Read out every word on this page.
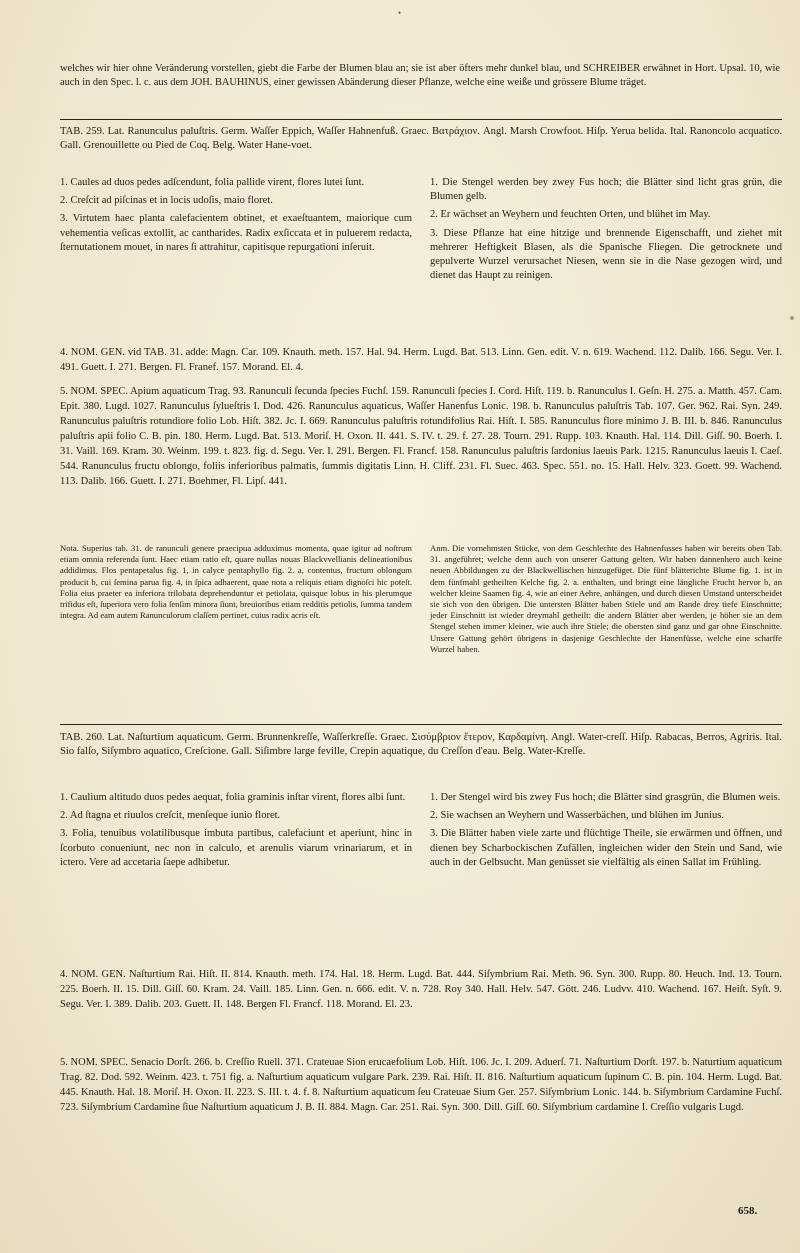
•
welches wir hier ohne Veränderung vorstellen, giebt die Farbe der Blumen blau an; sie ist aber öfters mehr dunkel blau, und SCHREIBER erwähnet in Hort. Upsal. 10, wie auch in den Spec. l. c. aus dem JOH. BAUHINUS, einer gewissen Abänderung dieser Pflanze, welche eine weiße und grössere Blume träget.
TAB. 259. Lat. Ranunculus paluſtris. Germ. Waſſer Eppich, Waſſer Hahnenfuß. Graec. Βατράχιον. Angl. Marsh Crowfoot. Hiſp. Yerua belida. Ital. Ranoncolo acquatico. Gall. Grenouillette ou Pied de Coq. Belg. Water Hane-voet.
1. Caules ad duos pedes adſcendunt, folia pallide virent, flores lutei ſunt.
2. Creſcit ad piſcinas et in locis udoſis, maio floret.
3. Virtutem haec planta calefacientem obtinet, et exaeſtuantem, maiorique cum vehementia veſicas extollit, ac cantharides. Radix exſiccata et in puluerem redacta, ſternutationem mouet, in nares ſi attrahitur, capitisque repurgationi inſeruit.
1. Die Stengel werden bey zwey Fus hoch; die Blätter sind licht gras grün, die Blumen gelb.
2. Er wächset an Weyhern und feuchten Orten, und blühet im May.
3. Diese Pflanze hat eine hitzige und brennende Eigenschafft, und ziehet mit mehrerer Heftigkeit Blasen, als die Spanische Fliegen. Die getrocknete und gepulverte Wurzel verursachet Niesen, wenn sie in die Nase gezogen wird, und dienet das Haupt zu reinigen.
4. NOM. GEN. vid TAB. 31. adde: Magn. Car. 109. Knauth. meth. 157. Hal. 94. Herm. Lugd. Bat. 513. Linn. Gen. edit. V. n. 619. Wachend. 112. Dalib. 166. Segu. Ver. I. 491. Guett. I. 271. Bergen. Fl. Franef. 157. Morand. El. 4.
5. NOM. SPEC. Apium aquaticum Trag. 93. Ranunculi ſecunda ſpecies Fuchſ. 159. Ranunculi ſpecies I. Cord. Hiſt. 119. b. Ranunculus I. Geſn. H. 275. a. Matth. 457. Cam. Epit. 380. Lugd. 1027. Ranunculus ſylueſtris I. Dod. 426. Ranunculus aquaticus, Waſſer Hanenfus Lonic. 198. b. Ranunculus paluſtris Tab. 107. Ger. 962. Rai. Syn. 249. Ranunculus paluſtris rotundiore folio Lob. Hiſt. 382. Jc. I. 669. Ranunculus paluſtris rotundifolius Rai. Hiſt. I. 585. Ranunculus flore minimo J. B. III. b. 846. Ranunculus paluſtris apii folio C. B. pin. 180. Herm. Lugd. Bat. 513. Moriſ. H. Oxon. II. 441. S. IV. t. 29. f. 27. 28. Tourn. 291. Rupp. 103. Knauth. Hal. 114. Dill. Giſſ. 90. Boerh. I. 31. Vaill. 169. Kram. 30. Weinm. 199. t. 823. fig. d. Segu. Ver. I. 291. Bergen. Fl. Francf. 158. Ranunculus paluſtris ſardonius laeuis Park. 1215. Ranunculus laeuis I. Caeſ. 544. Ranunculus fructu oblongo, foliis inferioribus palmatis, ſummis digitatis Linn. H. Cliff. 231. Fl. Suec. 463. Spec. 551. no. 15. Hall. Helv. 323. Goett. 99. Wachend. 113. Dalib. 166. Guett. I. 271. Boehmer, Fl. Lipſ. 441.
Nota. Superius tab. 31. de ranunculi genere praecipua adduximus momenta, quae igitur ad noſtrum etiam omnia referenda ſunt. Haec etiam ratio eſt, quare nullas nouas Blackvvellianis delineationibus addidimus. Flos pentapetalus fig. 1, in calyce pentaphyllo fig. 2. a, contentus, fructum oblongum producit b, cui ſemina parua fig. 4, in ſpica adhaerent, quae nota a reliquis etiam dignoſci hic poteſt. Folia eius praeter ea inferiora trilobata deprehenduntur et petiolata, quisque lobus in his plerumque trifidus eſt, ſuperiora vero folia ſenſim minora ſiunt, breuioribus etiam redditis petiolis, ſumma tandem integra. Ad eam autem Ranunculorum claſſem pertinet, cuius radix acris eſt.
Anm. Die vornehmsten Stücke, von dem Geschlechte des Hahnenfusses haben wir bereits oben Tab. 31. angeführet; welche denn auch von unserer Gattung gelten. Wir haben dannenhero auch keine neuen Abbildungen zu der Blackwellischen hinzugefüget. Die fünf blätterichte Blume fig. 1. ist in dem fünfmahl getheilten Kelche fig. 2. a. enthalten, und bringt eine längliche Frucht hervor b, an welcher kleine Saamen fig. 4, wie an einer Aehre, anhängen, und durch diesen Umstand unterscheidet sie sich von den übrigen. Die untersten Blätter haben Stiele und am Rande drey tiefe Einschnitte; jeder Einschnitt ist wieder dreymahl getheilt: die andern Blätter aber werden, je höher sie an dem Stengel stehen immer kleiner, wie auch ihre Stiele; die obersten sind ganz und gar ohne Einschnitte. Unsere Gattung gehört übrigens in dasjenige Geschlechte der Hanenfüsse, welche eine scharffe Wurzel haben.
TAB. 260. Lat. Naſturtium aquaticum. Germ. Brunnenkreſſe, Waſſerkreſſe. Graec. Σισύμβριον ἕτερον, Καρδαμίνη. Angl. Water-creſſ. Hiſp. Rabacas, Berros, Agriris. Ital. Sio falſo, Siſymbro aquatico, Creſcione. Gall. Siſimbre large feville, Crepin aquatique, du Creſſon d'eau. Belg. Water-Kreſſe.
1. Caulium altitudo duos pedes aequat, folia graminis inſtar virent, flores albi ſunt.
2. Ad ſtagna et riuulos creſcit, menſeque iunio floret.
3. Folia, tenuibus volatilibusque imbuta partibus, calefaciunt et aperiunt, hinc in ſcorbuto conueniunt, nec non in calculo, et arenulis viarum vrinariarum, et in ictero. Vere ad accetaria ſaepe adhibetur.
1. Der Stengel wird bis zwey Fus hoch; die Blätter sind grasgrün, die Blumen weis.
2. Sie wachsen an Weyhern und Wasserbächen, und blühen im Junius.
3. Die Blätter haben viele zarte und flüchtige Theile, sie erwärmen und öffnen, und dienen bey Scharbockischen Zufällen, ingleichen wider den Stein und Sand, wie auch in der Gelbsucht. Man genüsset sie vielfältig als einen Sallat im Frühling.
4. NOM. GEN. Naſturtium Rai. Hiſt. II. 814. Knauth. meth. 174. Hal. 18. Herm. Lugd. Bat. 444. Siſymbrium Rai. Meth. 96. Syn. 300. Rupp. 80. Heuch. Ind. 13. Tourn. 225. Boerh. II. 15. Dill. Giſſ. 60. Kram. 24. Vaill. 185. Linn. Gen. n. 666. edit. V. n. 728. Roy 340. Hall. Helv. 547. Gött. 246. Ludvv. 410. Wachend. 167. Heiſt. Syſt. 9. Segu. Ver. I. 389. Dalib. 203. Guett. II. 148. Bergen Fl. Francf. 118. Morand. El. 23.
5. NOM. SPEC. Senacio Dorſt. 266. b. Creſſio Ruell. 371. Crateuae Sion erucaefolium Lob. Hiſt. 106. Jc. I. 209. Aduerſ. 71. Naſturtium Dorſt. 197. b. Naturtium aquaticum Trag. 82. Dod. 592. Weinm. 423. t. 751 fig. a. Naſturtium aquaticum vulgare Park. 239. Rai. Hiſt. II. 816. Naſturtium aquaticum ſupinum C. B. pin. 104. Herm. Lugd. Bat. 445. Knauth. Hal. 18. Moriſ. H. Oxon. II. 223. S. III. t. 4. f. 8. Naſturtium aquaticum ſeu Crateuae Sium Ger. 257. Siſymbrium Lonic. 144. b. Siſymbrium Cardamine Fuchſ. 723. Siſymbrium Cardamine ſiue Naſturtium aquaticum J. B. II. 884. Magn. Car. 251. Rai. Syn. 300. Dill. Giſſ. 60. Siſymbrium cardamine I. Creſſio vulgaris Lugd.
658.
